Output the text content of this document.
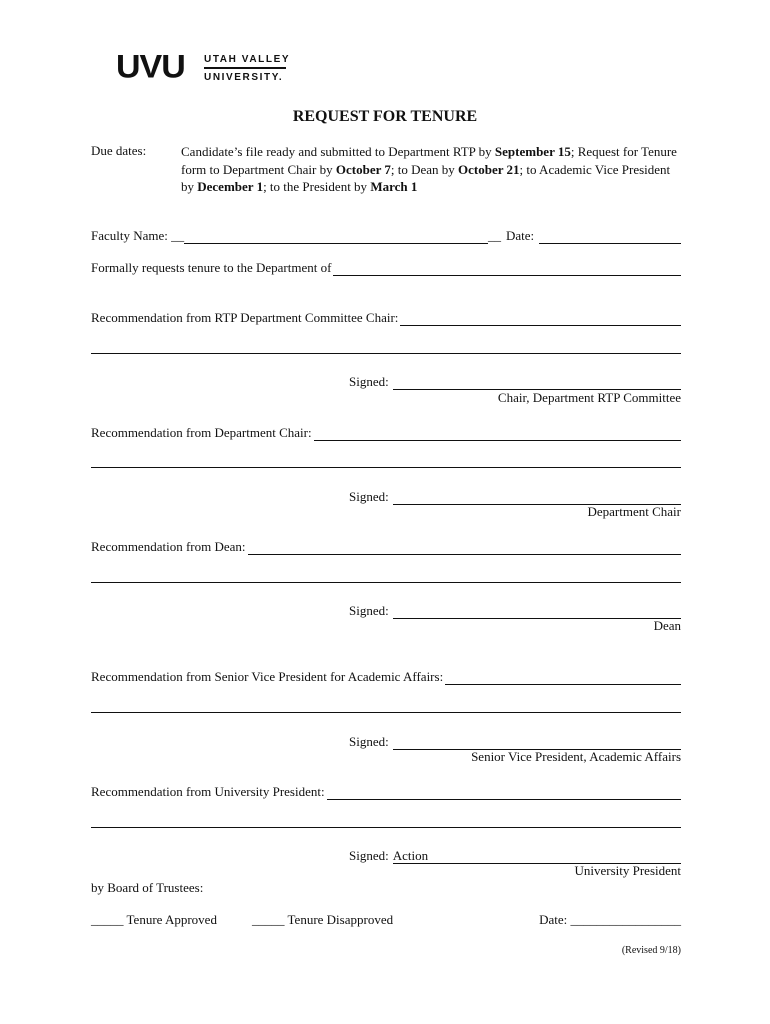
UVU UTAH VALLEY
UNIVERSITY.
REQUEST FOR TENURE
Due dates:	Candidate’s file ready and submitted to Department RTP by September 15; Request for Tenure form to Department Chair by October 7; to Dean by October 21; to Academic Vice President by December 1; to the President by March 1
Faculty Name: __	__ Date:
Formally requests tenure to the Department of
Recommendation from RTP Department Committee Chair:
Signed:
Chair, Department RTP Committee
Recommendation from Department Chair:
Signed:
Department Chair
Recommendation from Dean:
Signed:
Dean
Recommendation from Senior Vice President for Academic Affairs:
Signed:
Senior Vice President, Academic Affairs
Recommendation from University President:
Signed: Action
University President
by Board of Trustees:
_____ Tenure Approved	_____ Tenure Disapproved	Date: _________________
(Revised 9/18)
